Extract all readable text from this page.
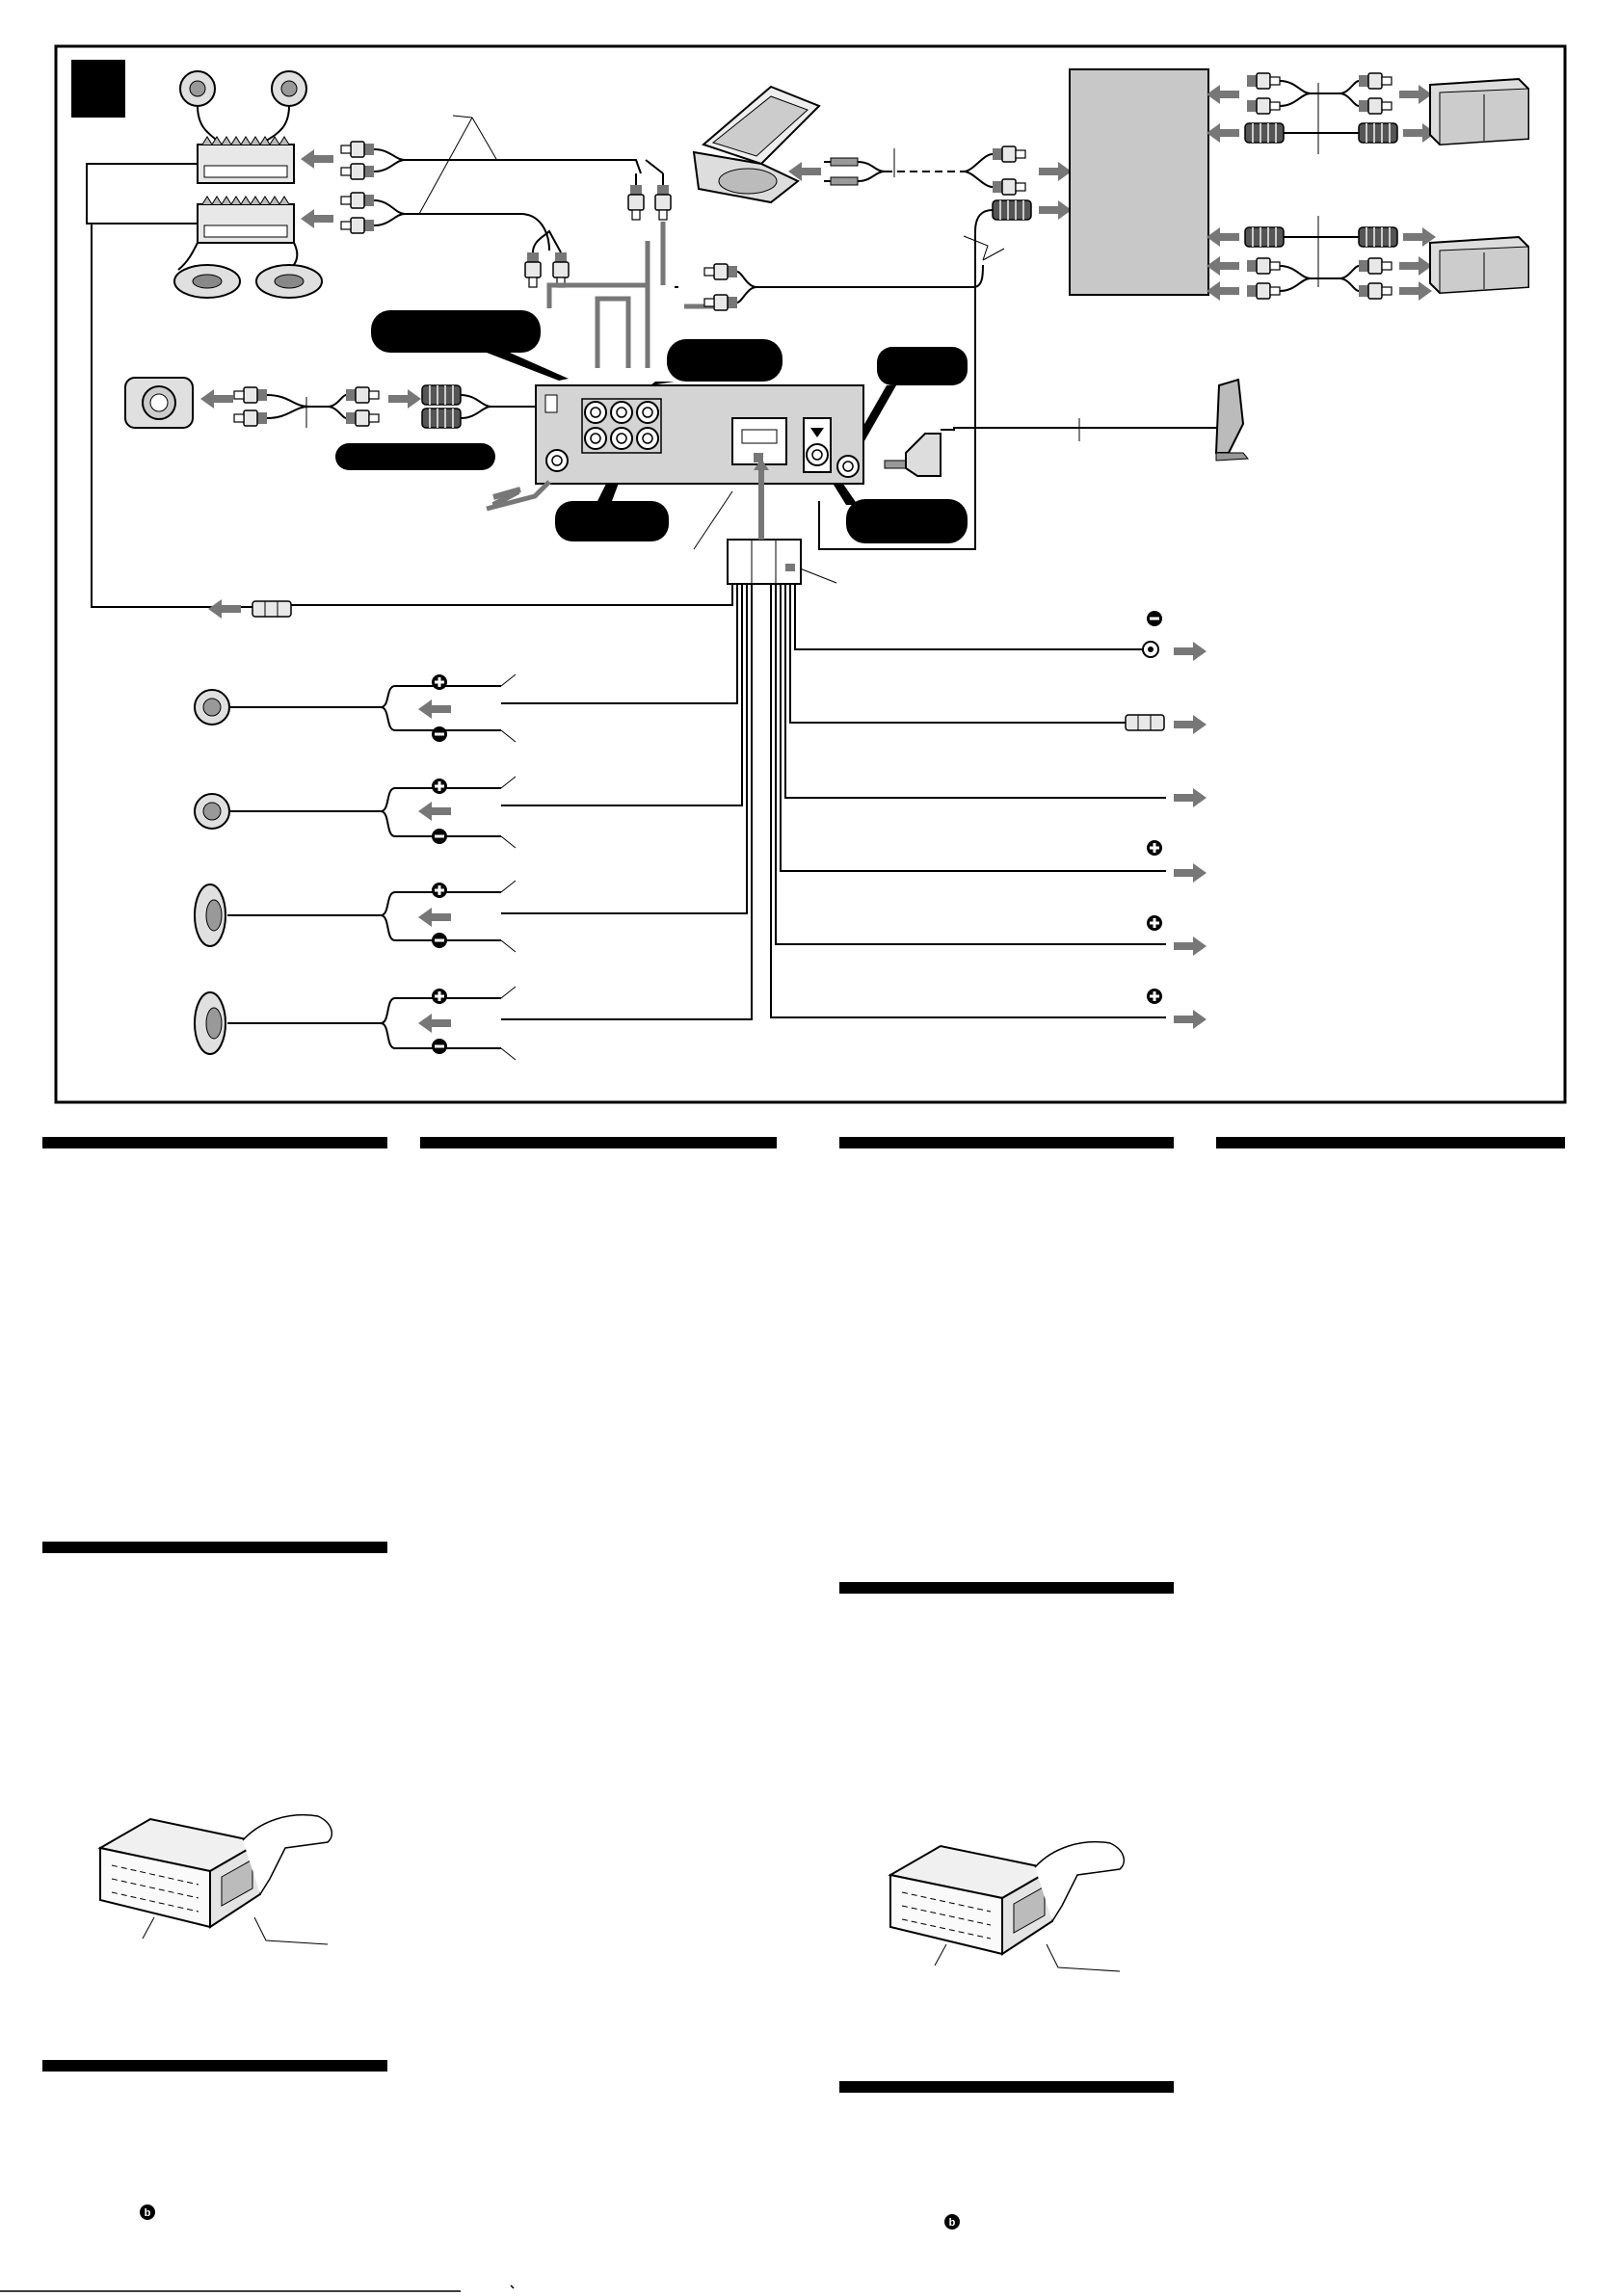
b
b
